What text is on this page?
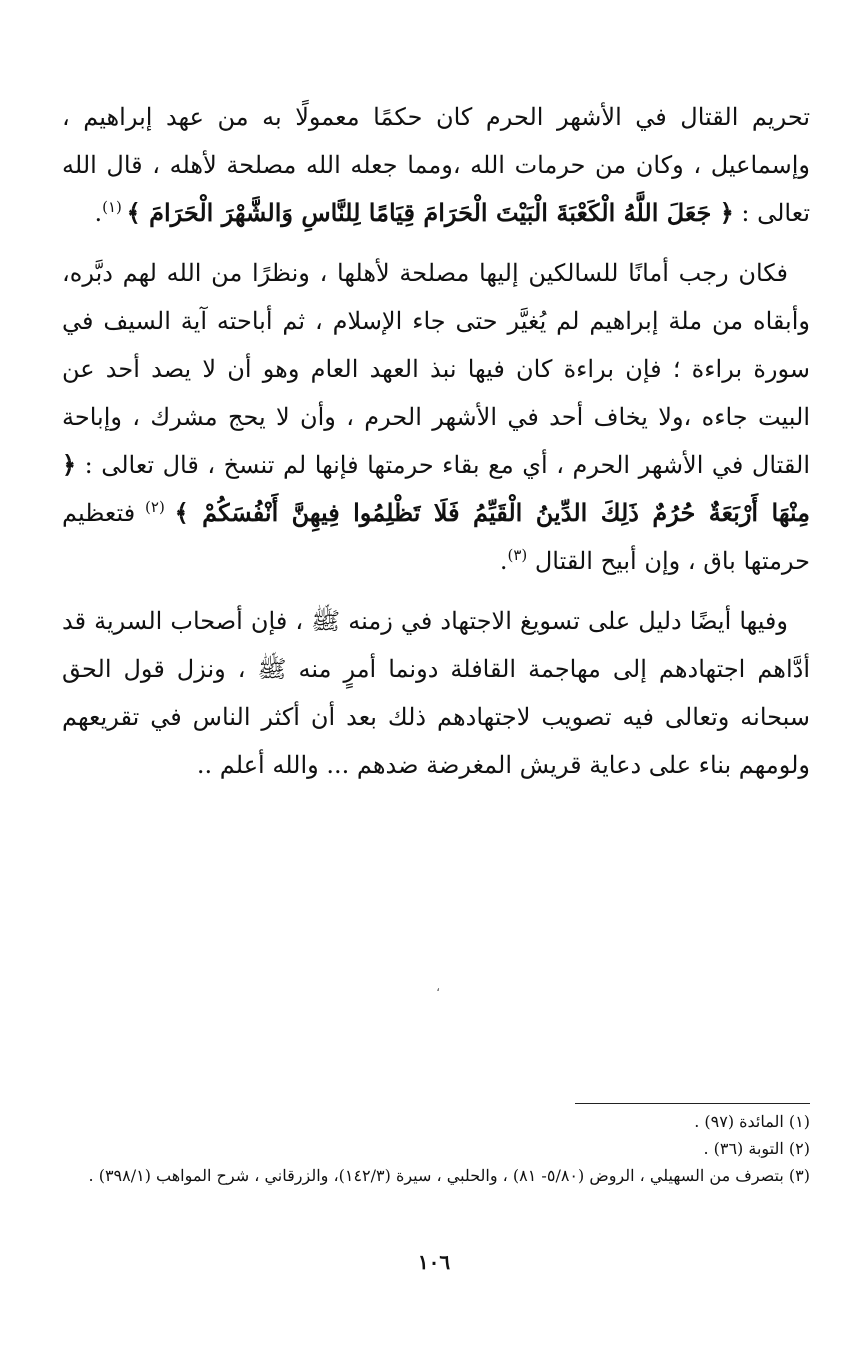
تحريم القتال في الأشهر الحرم كان حكمًا معمولًا به من عهد إبراهيم ، وإسماعيل ، وكان من حرمات الله ،ومما جعله الله مصلحة لأهله ، قال الله تعالى : ﴿ جَعَلَ اللَّهُ الْكَعْبَةَ الْبَيْتَ الْحَرَامَ قِيَامًا لِلنَّاسِ وَالشَّهْرَ الْحَرَامَ ﴾ $^{(١)}$.

فكان رجب أمانًا للسالكين إليها مصلحة لأهلها ، ونظرًا من الله لهم دبَّره، وأبقاه من ملة إبراهيم لم يُغيَّر حتى جاء الإسلام ، ثم أباحته آية السيف في سورة براءة ؛ فإن براءة كان فيها نبذ العهد العام وهو أن لا يصد أحد عن البيت جاءه ،ولا يخاف أحد في الأشهر الحرم ، وأن لا يحج مشرك ، وإباحة القتال في الأشهر الحرم ، أي مع بقاء حرمتها فإنها لم تنسخ ، قال تعالى : ﴿ مِنْهَا أَرْبَعَةٌ حُرُمٌ ذَلِكَ الدِّينُ الْقَيِّمُ فَلَا تَظْلِمُوا فِيهِنَّ أَنْفُسَكُمْ ﴾ $^{(٢)}$ فتعظيم حرمتها باق ، وإن أبيح القتال $^{(٣)}$.

وفيها أيضًا دليل على تسويغ الاجتهاد في زمنه ﷺ ، فإن أصحاب السرية قد أدَّاهم اجتهادهم إلى مهاجمة القافلة دونما أمرٍ منه ﷺ ، ونزل قول الحق سبحانه وتعالى فيه تصويب لاجتهادهم ذلك بعد أن أكثر الناس في تقريعهم ولومهم بناء على دعاية قريش المغرضة ضدهم ... والله أعلم ..

،

(١) المائدة (٩٧) .

(٢) التوبة (٣٦) .

(٣) بتصرف من السهيلي ، الروض (٥/٨٠- ٨١) ، والحلبي ، سيرة (١٤٢/٣)، والزرقاني ، شرح المواهب (٣٩٨/١) .

١٠٦
